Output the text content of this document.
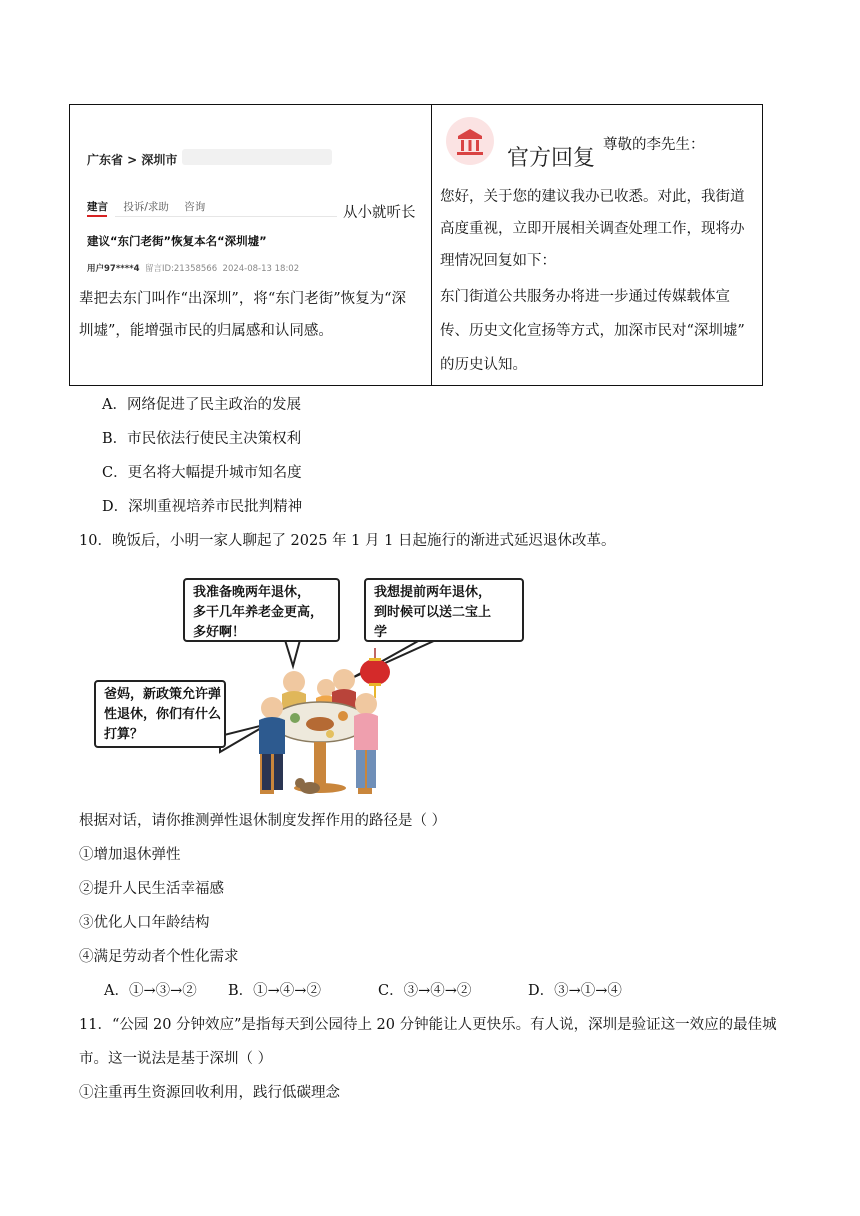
广东省 > 深圳市
建言 投诉/求助 咨询
建议“东门老街”恢复本名“深圳墟”
用户97****4 留言ID:21358566 2024-08-13 18:02
从小就听长
辈把去东门叫作“出深圳”，将“东门老街”恢复为“深
圳墟”，能增强市民的归属感和认同感。
官方回复
尊敬的李先生：
您好，关于您的建议我办已收悉。对此，我街道
高度重视，立即开展相关调查处理工作，现将办
理情况回复如下：
东门街道公共服务办将进一步通过传媒载体宣
传、历史文化宣扬等方式，加深市民对“深圳墟”
的历史认知。
A．网络促进了民主政治的发展
B．市民依法行使民主决策权利
C．更名将大幅提升城市知名度
D．深圳重视培养市民批判精神
10．晚饭后，小明一家人聊起了 2025 年 1 月 1 日起施行的渐进式延迟退休改革。
我准备晚两年退休，
多干几年养老金更高，
多好啊！
我想提前两年退休，
到时候可以送二宝上
学
爸妈，新政策允许弹
性退休，你们有什么
打算？
根据对话，请你推测弹性退休制度发挥作用的路径是（ ）
①增加退休弹性
②提升人民生活幸福感
③优化人口年龄结构
④满足劳动者个性化需求
A．①→③→② B．①→④→②	C．③→④→②	D．③→①→④
11．“公园 20 分钟效应”是指每天到公园待上 20 分钟能让人更快乐。有人说，深圳是验证这一效应的最佳城
市。这一说法是基于深圳（ ）
①注重再生资源回收利用，践行低碳理念
